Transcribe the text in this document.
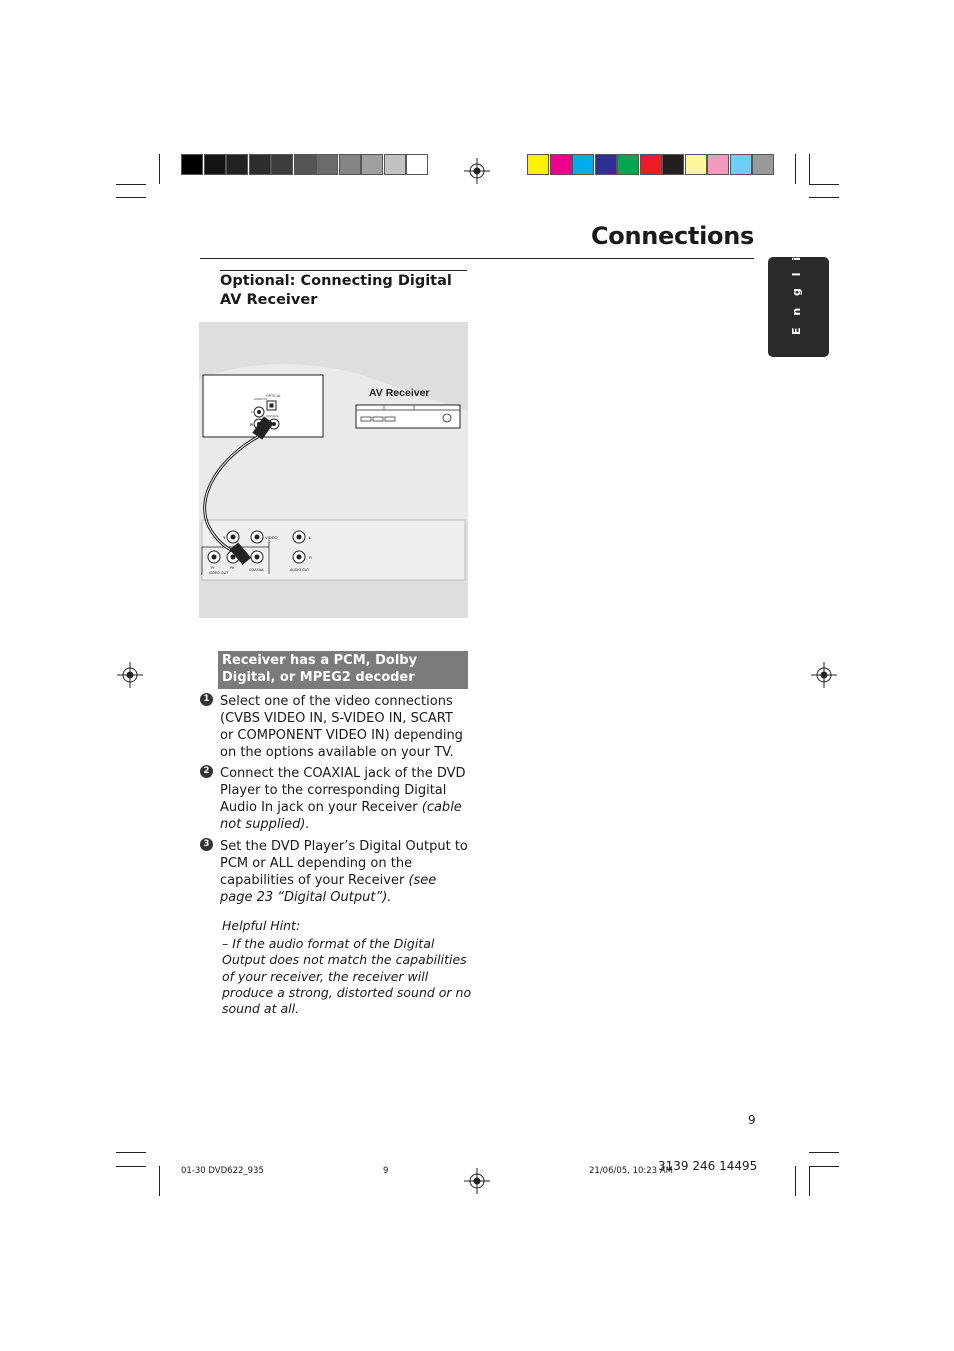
Connections	E n g l i s h
Optional: Connecting Digital AV Receiver
OPTICAL
AUDIO IN
COAXIAL
L
R
AV Receiver
Y	VIDEO	L
R
Pr	Pb	COAXIAL
VIDEO OUT
AUDIO OUT
Receiver has a PCM, Dolby Digital, or MPEG2 decoder
1 Select one of the video connections (CVBS VIDEO IN, S-VIDEO IN, SCART or COMPONENT VIDEO IN) depending on the options available on your TV.
2 Connect the COAXIAL jack of the DVD Player to the corresponding Digital Audio In jack on your Receiver (cable not supplied).
3 Set the DVD Player’s Digital Output to PCM or ALL depending on the capabilities of your Receiver (see page 23 “Digital Output”).
Helpful Hint:
– If the audio format of the Digital Output does not match the capabilities of your receiver, the receiver will produce a strong, distorted sound or no sound at all.
9
01-30 DVD622_935	9	21/06/05, 10:23 AM
3139 246 14495
